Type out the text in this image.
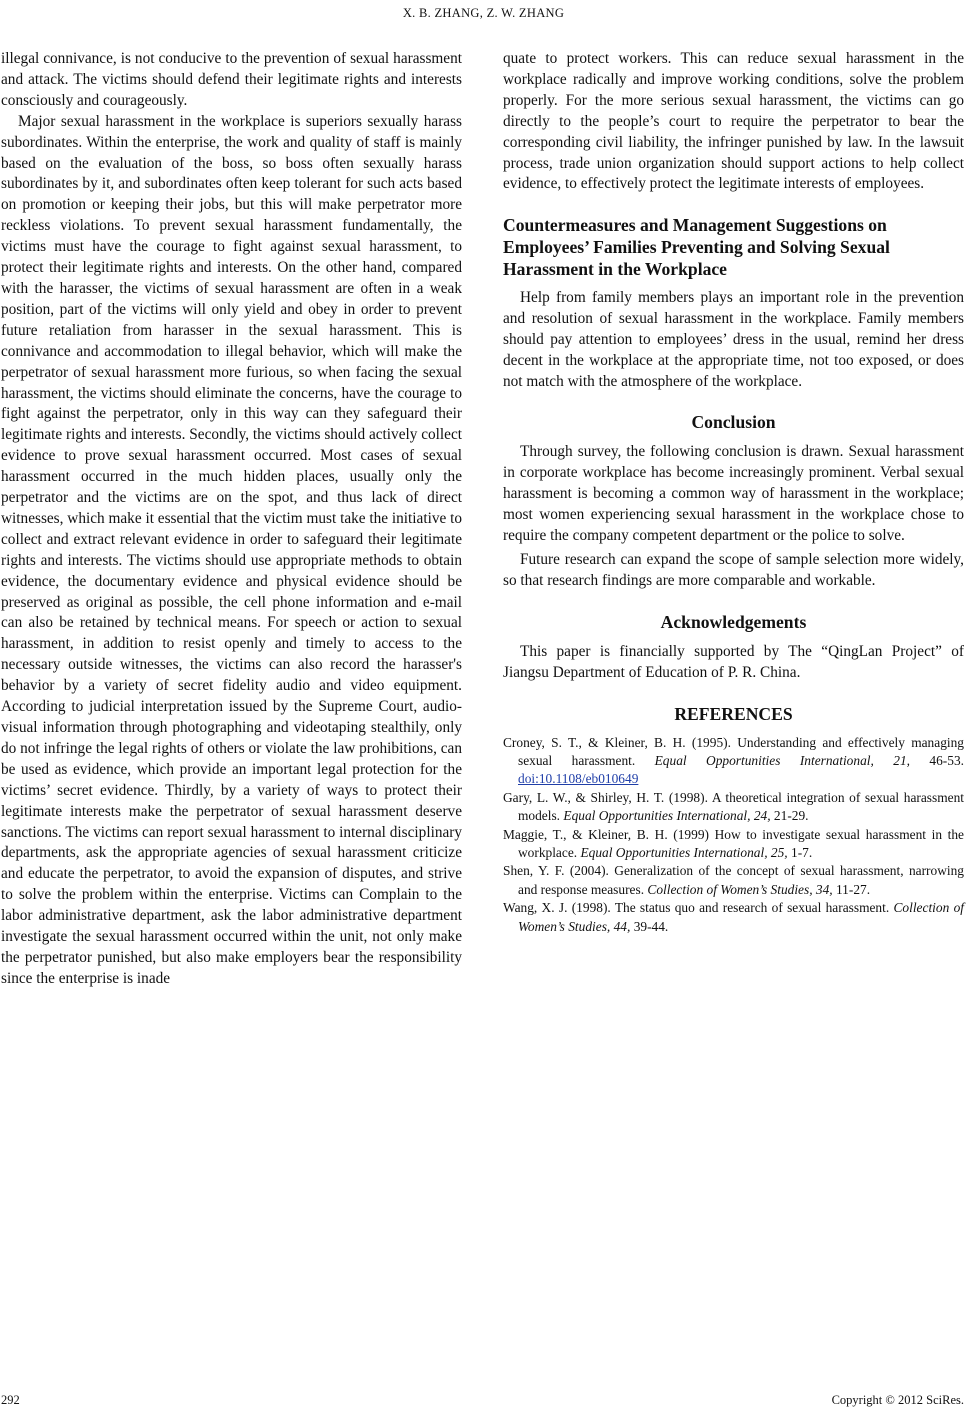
X. B. ZHANG, Z. W. ZHANG

illegal connivance, is not conducive to the prevention of sexual harassment and attack. The victims should defend their legitimate rights and interests consciously and courageously.

Major sexual harassment in the workplace is superiors sexually harass subordinates. Within the enterprise, the work and quality of staff is mainly based on the evaluation of the boss, so boss often sexually harass subordinates by it, and subordinates often keep tolerant for such acts based on promotion or keeping their jobs, but this will make perpetrator more reckless violations. To prevent sexual harassment fundamentally, the victims must have the courage to fight against sexual harassment, to protect their legitimate rights and interests. On the other hand, compared with the harasser, the victims of sexual harassment are often in a weak position, part of the victims will only yield and obey in order to prevent future retaliation from harasser in the sexual harassment. This is connivance and accommodation to illegal behavior, which will make the perpetrator of sexual harassment more furious, so when facing the sexual harassment, the victims should eliminate the concerns, have the courage to fight against the perpetrator, only in this way can they safeguard their legitimate rights and interests. Secondly, the victims should actively collect evidence to prove sexual harassment occurred. Most cases of sexual harassment occurred in the much hidden places, usually only the perpetrator and the victims are on the spot, and thus lack of direct witnesses, which make it essential that the victim must take the initiative to collect and extract relevant evidence in order to safeguard their legitimate rights and interests. The victims should use appropriate methods to obtain evidence, the documentary evidence and physical evidence should be preserved as original as possible, the cell phone information and e-mail can also be retained by technical means. For speech or action to sexual harassment, in addition to resist openly and timely to access to the necessary outside witnesses, the victims can also record the harasser's behavior by a variety of secret fidelity audio and video equipment. According to judicial interpretation issued by the Supreme Court, audio-visual information through photographing and videotaping stealthily, only do not infringe the legal rights of others or violate the law prohibitions, can be used as evidence, which provide an important legal protection for the victims’ secret evidence. Thirdly, by a variety of ways to protect their legitimate interests make the perpetrator of sexual harassment deserve sanctions. The victims can report sexual harassment to internal disciplinary departments, ask the appropriate agencies of sexual harassment criticize and educate the perpetrator, to avoid the expansion of disputes, and strive to solve the problem within the enterprise. Victims can Complain to the labor administrative department, ask the labor administrative department investigate the sexual harassment occurred within the unit, not only make the perpetrator punished, but also make employers bear the responsibility since the enterprise is inade

quate to protect workers. This can reduce sexual harassment in the workplace radically and improve working conditions, solve the problem properly. For the more serious sexual harassment, the victims can go directly to the people’s court to require the perpetrator to bear the corresponding civil liability, the infringer punished by law. In the lawsuit process, trade union organization should support actions to help collect evidence, to effectively protect the legitimate interests of employees.

Countermeasures and Management Suggestions on Employees’ Families Preventing and Solving Sexual Harassment in the Workplace

Help from family members plays an important role in the prevention and resolution of sexual harassment in the workplace. Family members should pay attention to employees’ dress in the usual, remind her dress decent in the workplace at the appropriate time, not too exposed, or does not match with the atmosphere of the workplace.

Conclusion

Through survey, the following conclusion is drawn. Sexual harassment in corporate workplace has become increasingly prominent. Verbal sexual harassment is becoming a common way of harassment in the workplace; most women experiencing sexual harassment in the workplace chose to require the company competent department or the police to solve.

Future research can expand the scope of sample selection more widely, so that research findings are more comparable and workable.

Acknowledgements

This paper is financially supported by The “QingLan Project” of Jiangsu Department of Education of P. R. China.

REFERENCES
Croney, S. T., & Kleiner, B. H. (1995). Understanding and effectively managing sexual harassment. Equal Opportunities International, 21, 46-53. doi:10.1108/eb010649
Gary, L. W., & Shirley, H. T. (1998). A theoretical integration of sexual harassment models. Equal Opportunities International, 24, 21-29.
Maggie, T., & Kleiner, B. H. (1999) How to investigate sexual harassment in the workplace. Equal Opportunities International, 25, 1-7.
Shen, Y. F. (2004). Generalization of the concept of sexual harassment, narrowing and response measures. Collection of Women’s Studies, 34, 11-27.
Wang, X. J. (1998). The status quo and research of sexual harassment. Collection of Women’s Studies, 44, 39-44.
292	Copyright © 2012 SciRes.
